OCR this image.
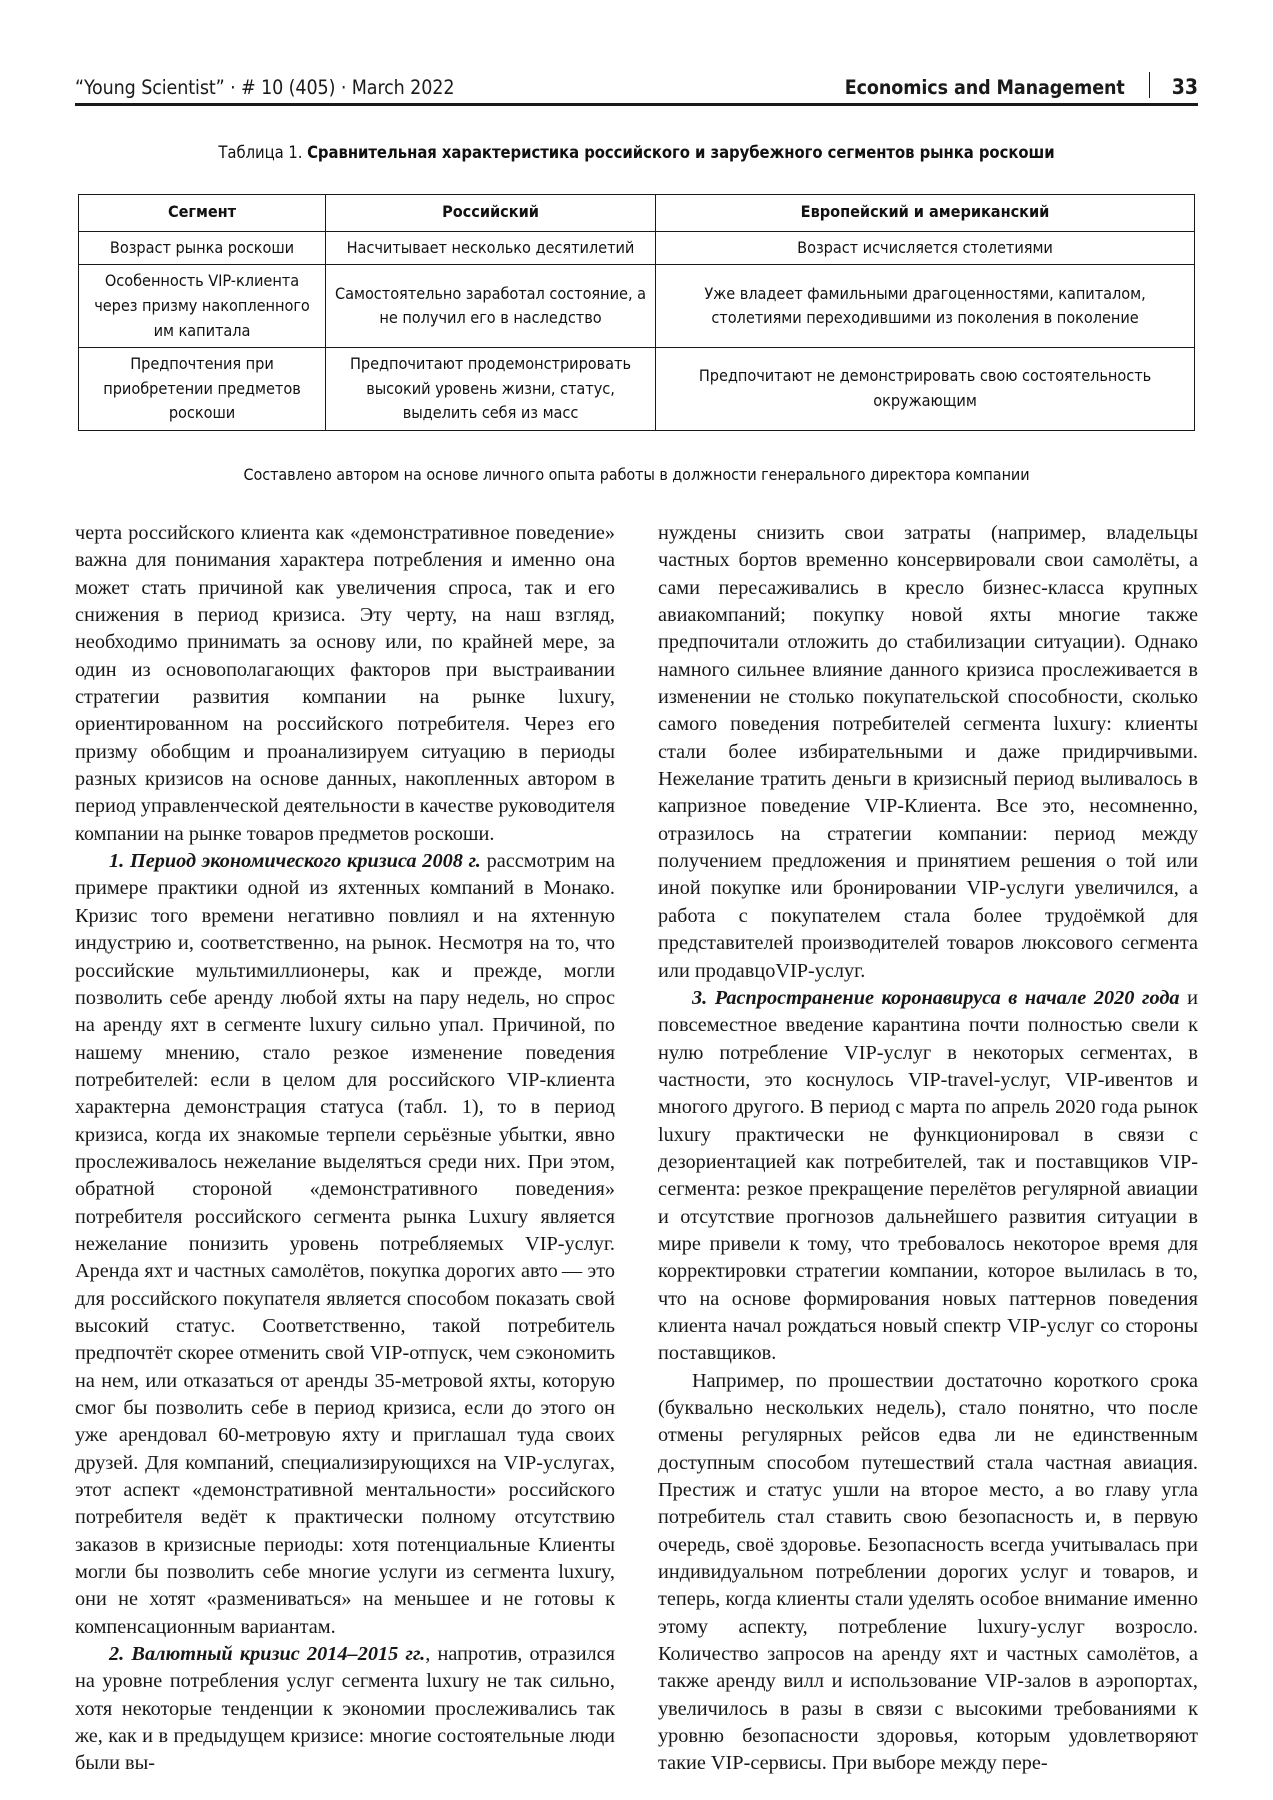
“Young Scientist” · # 10 (405) · March 2022	Economics and Management 33
Таблица 1. Сравнительная характеристика российского и зарубежного сегментов рынка роскоши
Сегмент	Российский	Европейский и американский
Возраст рынка роскоши	Насчитывает несколько десятилетий	Возраст исчисляется столетиями
Особенность VIP-клиента через призму накопленного им капитала	Самостоятельно заработал состояние, а не получил его в наследство	Уже владеет фамильными драгоценностями, капиталом, столетиями переходившими из поколения в поколение
Предпочтения при приобретении предметов роскоши	Предпочитают продемонстрировать высокий уровень жизни, статус, выделить себя из масс	Предпочитают не демонстрировать свою состоятельность окружающим
Составлено автором на основе личного опыта работы в должности генерального директора компании

черта российского клиента как «демонстративное поведение» важна для понимания характера потребления и именно она может стать причиной как увеличения спроса, так и его снижения в период кризиса. Эту черту, на наш взгляд, необходимо принимать за основу или, по крайней мере, за один из основополагающих факторов при выстраивании стратегии развития компании на рынке luxury, ориентированном на российского потребителя. Через его призму обобщим и проанализируем ситуацию в периоды разных кризисов на основе данных, накопленных автором в период управленческой деятельности в качестве руководителя компании на рынке товаров предметов роскоши.

1. Период экономического кризиса 2008 г. рассмотрим на примере практики одной из яхтенных компаний в Монако. Кризис того времени негативно повлиял и на яхтенную индустрию и, соответственно, на рынок. Несмотря на то, что российские мультимиллионеры, как и прежде, могли позволить себе аренду любой яхты на пару недель, но спрос на аренду яхт в сегменте luxury сильно упал. Причиной, по нашему мнению, стало резкое изменение поведения потребителей: если в целом для российского VIP-клиента характерна демонстрация статуса (табл. 1), то в период кризиса, когда их знакомые терпели серьёзные убытки, явно прослеживалось нежелание выделяться среди них. При этом, обратной стороной «демонстративного поведения» потребителя российского сегмента рынка Luxury является нежелание понизить уровень потребляемых VIP-услуг. Аренда яхт и частных самолётов, покупка дорогих авто — это для российского покупателя является способом показать свой высокий статус. Соответственно, такой потребитель предпочтёт скорее отменить свой VIP-отпуск, чем сэкономить на нем, или отказаться от аренды 35-метровой яхты, которую смог бы позволить себе в период кризиса, если до этого он уже арендовал 60-метровую яхту и приглашал туда своих друзей. Для компаний, специализирующихся на VIP-услугах, этот аспект «демонстративной ментальности» российского потребителя ведёт к практически полному отсутствию заказов в кризисные периоды: хотя потенциальные Клиенты могли бы позволить себе многие услуги из сегмента luxury, они не хотят «размениваться» на меньшее и не готовы к компенсационным вариантам.

2. Валютный кризис 2014–2015 гг., напротив, отразился на уровне потребления услуг сегмента luxury не так сильно, хотя некоторые тенденции к экономии прослеживались так же, как и в предыдущем кризисе: многие состоятельные люди были вы-

нуждены снизить свои затраты (например, владельцы частных бортов временно консервировали свои самолёты, а сами пересаживались в кресло бизнес-класса крупных авиакомпаний; покупку новой яхты многие также предпочитали отложить до стабилизации ситуации). Однако намного сильнее влияние данного кризиса прослеживается в изменении не столько покупательской способности, сколько самого поведения потребителей сегмента luxury: клиенты стали более избирательными и даже придирчивыми. Нежелание тратить деньги в кризисный период выливалось в капризное поведение VIP-Клиента. Все это, несомненно, отразилось на стратегии компании: период между получением предложения и принятием решения о той или иной покупке или бронировании VIP-услуги увеличился, а работа с покупателем стала более трудоёмкой для представителей производителей товаров люксового сегмента или продавцоVIP-услуг.

3. Распространение коронавируса в начале 2020 года и повсеместное введение карантина почти полностью свели к нулю потребление VIP-услуг в некоторых сегментах, в частности, это коснулось VIP-travel-услуг, VIP-ивентов и многого другого. В период с марта по апрель 2020 года рынок luxury практически не функционировал в связи с дезориентацией как потребителей, так и поставщиков VIP-сегмента: резкое прекращение перелётов регулярной авиации и отсутствие прогнозов дальнейшего развития ситуации в мире привели к тому, что требовалось некоторое время для корректировки стратегии компании, которое вылилась в то, что на основе формирования новых паттернов поведения клиента начал рождаться новый спектр VIP-услуг со стороны поставщиков.

Например, по прошествии достаточно короткого срока (буквально нескольких недель), стало понятно, что после отмены регулярных рейсов едва ли не единственным доступным способом путешествий стала частная авиация. Престиж и статус ушли на второе место, а во главу угла потребитель стал ставить свою безопасность и, в первую очередь, своё здоровье. Безопасность всегда учитывалась при индивидуальном потреблении дорогих услуг и товаров, и теперь, когда клиенты стали уделять особое внимание именно этому аспекту, потребление luxury-услуг возросло. Количество запросов на аренду яхт и частных самолётов, а также аренду вилл и использование VIP-залов в аэропортах, увеличилось в разы в связи с высокими требованиями к уровню безопасности здоровья, которым удовлетворяют такие VIP-сервисы. При выборе между пере-
